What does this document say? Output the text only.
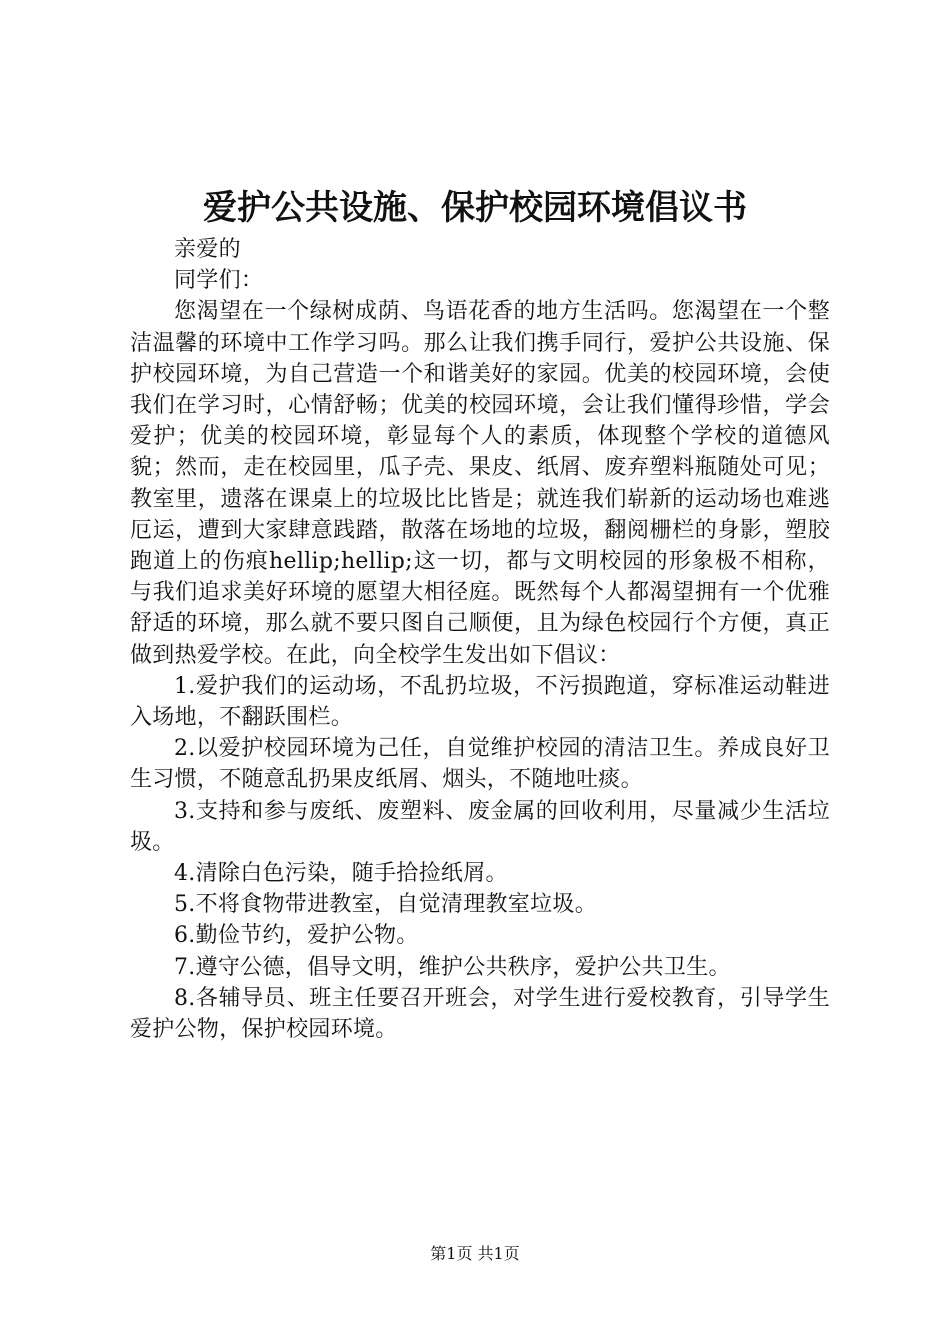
爱护公共设施、保护校园环境倡议书

亲爱的

同学们：

您渴望在一个绿树成荫、鸟语花香的地方生活吗。您渴望在一个整洁温馨的环境中工作学习吗。那么让我们携手同行，爱护公共设施、保护校园环境，为自己营造一个和谐美好的家园。优美的校园环境，会使我们在学习时，心情舒畅；优美的校园环境，会让我们懂得珍惜，学会爱护；优美的校园环境，彰显每个人的素质，体现整个学校的道德风貌；然而，走在校园里，瓜子壳、果皮、纸屑、废弃塑料瓶随处可见；教室里，遗落在课桌上的垃圾比比皆是；就连我们崭新的运动场也难逃厄运，遭到大家肆意践踏，散落在场地的垃圾，翻阅栅栏的身影，塑胶跑道上的伤痕hellip;hellip;这一切，都与文明校园的形象极不相称，与我们追求美好环境的愿望大相径庭。既然每个人都渴望拥有一个优雅舒适的环境，那么就不要只图自己顺便，且为绿色校园行个方便，真正做到热爱学校。在此，向全校学生发出如下倡议：

1.爱护我们的运动场，不乱扔垃圾，不污损跑道，穿标准运动鞋进入场地，不翻跃围栏。

2.以爱护校园环境为己任，自觉维护校园的清洁卫生。养成良好卫生习惯，不随意乱扔果皮纸屑、烟头，不随地吐痰。

3.支持和参与废纸、废塑料、废金属的回收利用，尽量减少生活垃圾。

4.清除白色污染，随手拾捡纸屑。

5.不将食物带进教室，自觉清理教室垃圾。

6.勤俭节约，爱护公物。

7.遵守公德，倡导文明，维护公共秩序，爱护公共卫生。

8.各辅导员、班主任要召开班会，对学生进行爱校教育，引导学生爱护公物，保护校园环境。

第1页 共1页
